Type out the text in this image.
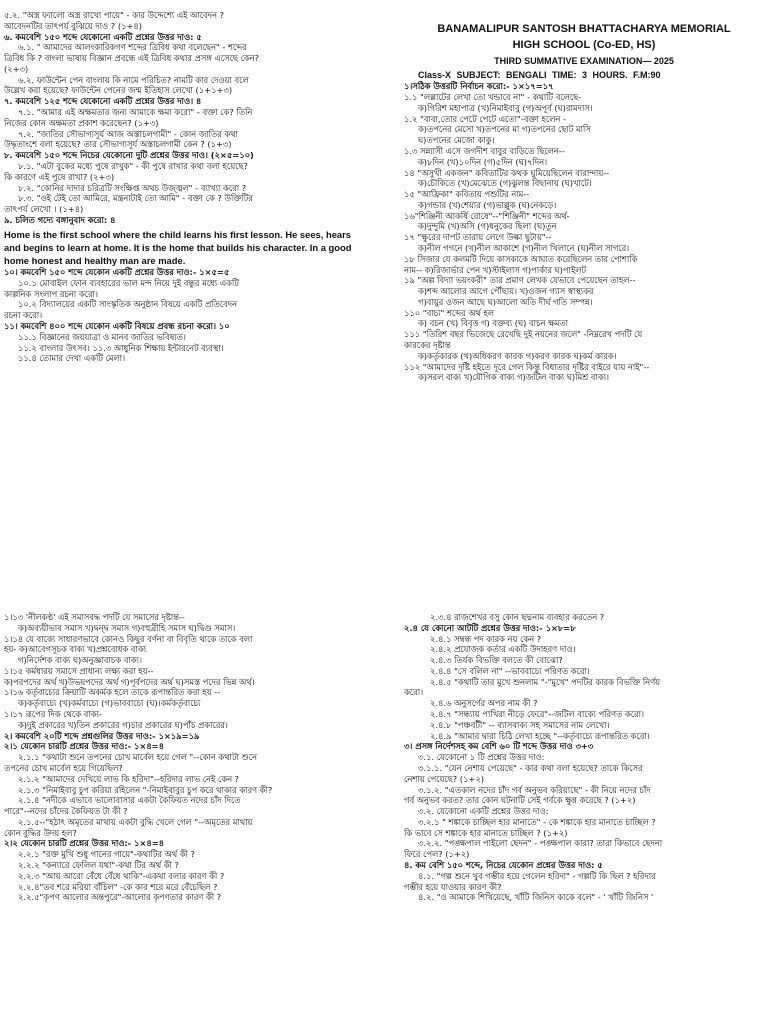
৫.২. "অস্ত্র ফ্যালো অস্ত্র রাখো পায়ে" - কার উদ্দেশ্যে এই আবেদন ?

আবেদনটির তাৎপর্য বুঝিয়ে দাও ? (১+৪)

৬. কমবেশি ১৫০ শব্দে যেকোনো একটি প্রশ্নের উত্তর দাও: ৫

৬.১. " আমাদের আলংকারিকগণ শব্দের ত্রিবিধ কথা বলেছেন" - শব্দের

ত্রিবিধ কি ? বাংলা ভাষায় বিজ্ঞান প্রবন্ধে এই ত্রিবিধ কথার প্রসঙ্গ এসেছে কেন?

(২+৩)

৬.২. ফাউন্টেন পেন বাংলায় কি নামে পরিচিত? নামটি কার দেওয়া বলে

উল্লেখ করা হয়েছে? ফাউন্টেন পেনের জন্ম ইতিহাস লেখো (১+১+৩)

৭. কমবেশি ১২৫ শব্দে যেকোনো একটি প্রশ্নের উত্তর দাও। ৪

৭.১. "আমার এই অক্ষমতার জন্য আমাকে ক্ষমা করো" - বক্তা কে? তিনি

নিজের কোন অক্ষমতা প্রকাশ করেছেন? (১+৩)

৭.২. "জাতির সৌভাগ্যসূর্য আজ অস্তাচলগামী" - কোন জাতির কথা

উদ্ধৃতাংশে বলা হয়েছে? তার সৌভাগ্যসূর্য অস্তাচলগামী কেন ? (১+৩)

৮. কমবেশি ১৫০ শব্দে নিচের যেকোনো দুটি প্রশ্নের উত্তর দাও। (২×৫=১০)

৮.১. "এটা বুকের মধ্যে পুষে রাখুক" - কী পুষে রাখার কথা বলা হয়েছে?

কি কারণে এই পুষে রাখা? (২+৩)

৮.২. "কোনির দাদার চরিত্রটি সংক্ষিপ্ত অথচ উজ্জ্বল" - ব্যাখ্যা করো ?

৮.৩. "ওই টেই তো আমিরে, মন্ত্রনাটাই তো আমি" - বক্তা কে ? উক্তিটির

তাৎপর্য লেখো । (১+৪)

৯. চলিত গদ্যে বঙ্গানুবাদ করো: ৪

Home is the first school where the child learns his first lesson. He sees, hears and begins to learn at home. It is the home that builds his character. In a good home honest and healthy man are made.

১০। কমবেশি ১৫০ শব্দে যেকোন একটি প্রশ্নের উত্তর দাও:- ১×৫=৫

১০.১ মোবাইল ফোন ব্যবহারের ভাল মন্দ নিয়ে দুই বন্ধুর মধ্যে একটি

কাল্পনিক সংলাপ রচনা করো।

১০.২ বিদ্যালয়ের একটি সাংস্কৃতিক অনুষ্ঠান বিষয়ে একটি প্রতিবেদন

রচনা করো।

১১। কমবেশি ৪০০ শব্দে যেকোন একটি বিষয়ে প্রবন্ধ রচনা করো। ১০

১১.১ বিজ্ঞানের জয়যাত্রা ও মানব জাতির ভবিষ্যত।

১১.২ বাংলার উৎসব। ১১.৩ আধুনিক শিক্ষায় ইন্টারনেট ব্যবস্থা।

১১.৪ তোমার দেখা একটি মেলা।

BANAMALIPUR SANTOSH BHATTACHARYA MEMORIAL
HIGH SCHOOL (Co-ED, HS)
THIRD SUMMATIVE EXAMINATION— 2025
Class-X SUBJECT: BENGALI TIME: 3 HOURS. F.M:90

১।সঠিক উত্তরটি নির্বাচন করো:- ১×১৭=১৭

১.১ "লল্লাটের লেখা তো খন্ডাবে না" - কথাটি বলেছে-

ক)গিরিশ মহাপাত্র (খ)নিমাইবাবু (গ)অপূর্ব (ঘ)রামদাস।

১.২ "বাবা,তোর পেটে পেটে এতো"-বক্তা হলেন -

ক)তপনের মেসো খ)তপনের মা গ)তপনের ছোট মাসি

ঘ)তপনের মেজো কাকু।

১.৩ সন্ন্যাসী এসে জগদীশ বাবুর বাড়িতে ছিলেন--

ক)৮দিন (খ)১০দিন (গ)৫দিন (ঘ)৭দিন।

১৪ "অসুখী একজন" কবিতাটির কথক ঘুমিয়েছিলেন বারান্দায়--

ক)চৌকিতে (খ)মেঝেতে (গ)ঝুলন্ত বিছানায় (ঘ)খাটে।

১৫ "আফ্রিকা" কবিতায় পশুটির নাম--

ক)গন্ডার (খ)শেয়ার (গ)ভাল্লুক (ঘ)নেকড়ে।

১৬"শিঞ্জিনী আকর্ষি রোষে"--"শিঞ্জিনী" শব্দের অর্থ-

ক)দুন্দুমি (খ)অসি (গ)ধনুকের ছিলা (ঘ)তূন

১৭ "ক্ষুরের দাপট তারায় লেগে উল্কা ছুটায়"--

ক)নীল গগনে (খ)নীল আকাশে (গ)নীল খিলানে (ঘ)নীল সাগরে।

১৮ সিজার যে কলমটি দিয়ে কাসকাকে আঘাত করেছিলেন তার পোশাকি

নাম-- ক)রিজার্ভার পেন খ)স্টাইলাস গ)পার্কার ঘ)পাইলট

১৯ "অল্প বিদ্যা ভয়ংকরী" তার প্রমাণ লেখক যেভাবে পেয়েছেন তাহল--

ক)শব্দ আলোর আগে পৌঁছায়। খ)ওজন গ্যাস স্বাস্থ্যকর

গ)বায়ুর ওজন আছে ঘ)আলো অতি দীর্ঘ গতি সম্পন্ন।

১১০ "বাচ্য" শব্দের অর্থ হল

ক) বচন (খ) বিবৃত্ত গ) বক্তব্য (ঘ) বাচন ক্ষমতা

১১১ "তিরিশ বছর ভিজেছে রেখেছি দুই নয়নের জলে" -নিম্নরেখ পদটি যে

কারকের দৃষ্টান্ত

ক)কর্তৃকারক (খ)অধিকরণ কারক গ)করণ কারক ঘ)কর্ম কারক।

১১২ "আমাদের দৃষ্টি হইতে দূরে গেল কিন্তু বিধাতার দৃষ্টির বাইরে যায় নাই"--

ক)সরল বাক্য খ)যৌগিক বাক্য গ)জটিল বাক্য ঘ)মিশ্র বাক্য।

১।১৩ 'নীলকণ্ঠ' এই সমাসবদ্ধ পদটি যে সমাসের দৃষ্টান্ত--

ক)অব্যয়ীভাব সমাস খ)দ্বন্দ্ব সমাস গ)বহুব্রীহি সমাস ঘ)দ্বিগু সমাস।

১।১৪ যে বাক্যে সাধারণভাবে কোনও কিছুর বর্ণনা বা বিবৃতি থাকে তাকে বলা

হয়- ক)আবেগসূচক বাক্য খ)প্রশ্নবোধক বাক্য

গ)নির্দেশক বাক্য ঘ)অনুজ্ঞাবাচক বাক্য।

১।১৫ কর্মধারয় সমাসে প্রাধান্য লক্ষ্য করা হয়--

ক)পরপদের অর্থ খ)উভয়পদের অর্থ গ)পূর্বপদের অর্থ ঘ)সমস্ত পদের ভিন্ন অর্থ।

১।১৬ কর্তৃবাচ্যের ক্রিয়াটি অকর্মক হলে তাকে রূপান্তরিত করা হয় --

ক)কর্তৃবাচ্যে (খ)কর্মবাচ্যে (গ)ভাববাচ্যে (ঘ)।কর্মকর্তৃবাচ্যে

১।১৭ রূপের দিক থেকে বাক্য-

ক)দুই প্রকারের খ)তিন প্রকারের গ)চার প্রকারের ঘ)পাঁচ প্রকারের।

২। কমবেশি ২০টি শব্দে প্রশ্নগুলির উত্তর দাও:- ১×১৯=১৯

২।১ যেকোন চারটি প্রশ্নের উত্তর দাও:- ১×৪=৪

২.১.১ "কথাটা শুনে তপনের চোখ মার্বেল হয়ে গেল "--কোন কথাটা শুনে

তপনের চোখ মার্বেল হয়ে গিয়েছিল?

২.১.২ "আমাদের দেখিয়ে লাভ কি হরিদা"--হরিদার লাভ নেই কেন ?

২.১.৩ "নিমাইবাবু চুপ করিয়া রহিলেন "-নিমাইবাবুর চুপ করে থাকার কারণ কী?

২.১.৪ "নদীকে এভাবে ভালোবাসার একটা কৈফিয়ত নদের চাঁদ দিতে

পারে"--নদের চাঁদের কৈফিয়ত টা কী ?

২.১.৫--"হঠাৎ অমৃতের মাথায় একটা বুদ্ধি খেলে গেল "--অমৃতের মাথায়

কোন বুদ্ধির উদয় হল?

২।২ যেকোন চারটি প্রশ্নের উত্তর দাও:- ১×৪=৪

২.২.১ "রক্ত মুখি শুধু গানের গায়ে"-কথাটির অর্থ কী ?

২.২.২ "কন্যারে ফেলিল যথা"-কথা টির অর্থ কী ?

২.২.৩ "আয় আরো বেঁধে বেঁধে থাকি"-একথা বলার কারণ কী ?

২.২.৪"তব শরে মরিয়া বাঁচিল" -কে কার শরে মরে বেঁচেছিল ?

২.২.৫"কৃপণ আলোর অন্তপুরে"-আলোর কৃপণতার কারণ কী ?

২.৩.৪ রাজশেখর বসু কোন ছদ্মনাম ব্যবহার করতেন ?

২.৪ যে কোনো আটটি প্রশ্নের উত্তর দাও:- ১×৮=৮

২.৪.১ সম্বন্ধ পদ কারক নয় কেন ?

২.৪.২ প্রযোজক কর্তার একটি উদাহরণ দাও।

২.৪.৩ তির্যক বিভক্তি বলতে কী বোঝো?

২.৪.৪ "সে বলিল না" --ভাববাচ্যে পরিণত করো।

২.৪.৫ "কথাটি তার মুখে শুনলাম "-"মুখে" পদটির কারক বিভক্তি নির্ণয়

করো।

২.৪.৬ অনুসর্গের অপর নাম কী ?

২.৪.৭ "সন্ধ্যায় পাখিরা নীড়ে ফেরে"--জটিল বাক্যে পরিণত করো।

২.৪.৮ "পঞ্চবটী" -- ব্যাসবাক্য সহ সমাসের নাম লেখো।

২.৪.৯ "আমার দ্বারা চিঠি লেখা হচ্ছে "--কর্তৃবাচ্যে রূপান্তরিত করো।

৩। প্রসঙ্গ নির্দেশসহ কম বেশি ৬০ টি শব্দে উত্তর দাও ৩+৩

৩.১. যেকোনো ১ টি প্রশ্নের উত্তর দাও:

৩.১.১. "যেন নেশায় পেয়েছে" - কার কথা বলা হয়েছে? তাকে কিসের

নেশায় পেয়েছে? (১+২)

৩.১.২. "এতকাল নদের চাঁদ গর্ব অনুভব করিয়াছে" - কী নিয়ে নদের চাঁদ

গর্ব অনুভব করত? তার কোন ঘটনাটি সেই গর্বকে ক্ষুণ্ণ করেছে ? (১+২)

৩.২. যেকোনো একটি প্রশ্নের উত্তর দাও:

৩.২.১ " শঙ্কাকে চাচ্ছিল হার মানাতে" - কে শঙ্কাকে হার মানাতে চাচ্ছিল ?

কি ভাবে সে শঙ্কাকে হার মানাতে চাচ্ছিল ? (১+২)

৩.২.২. "পঙ্ক্ষপাল পাইলো ছেদন" - পঙ্ক্ষপাল কারা? তারা কিভাবে ছেদনা

ফিরে পেল? (১+২)

৪. কম বেশি ১৫০ শব্দে, নিচের যেকোন প্রশ্নের উত্তর দাও: ৫

৪.১. "গল্প শুনে খুব গম্ভীর হয়ে গেলেন হরিদা" - গল্পটি কি ছিল ? হরিদার

গম্ভীর হয়ে যাওয়ার কারণ কী?

৪.২. "ও আমাকে শিখিয়েছে, খাঁটি জিনিস কাকে বলে" - ' খাঁটি জিনিস '
